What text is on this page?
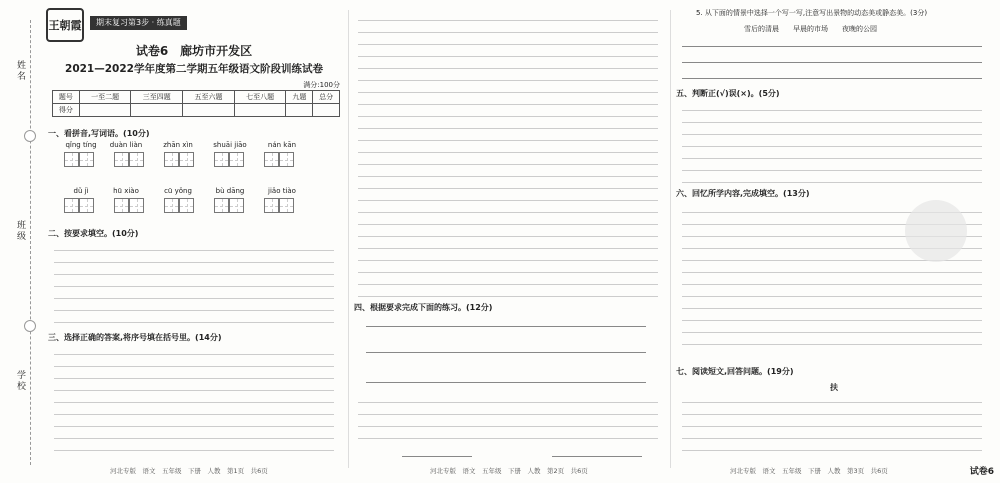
姓名
班级
学校
王朝霞	期末复习第3步 · 练真题
试卷6　廊坊市开发区
2021—2022学年度第二学期五年级语文阶段训练试卷
满分:100分
题号	一至二题	三至四题	五至六题	七至八题	九题	总分
得分						
一、看拼音,写词语。(10分)
qǐng tíng	duàn liàn	zhān xìn	shuāi jiāo	nán kān
dǔ jì	hū xiào	cū yǒng	bù dāng	jiǎo tiào
二、按要求填空。(10分)
三、选择正确的答案,将序号填在括号里。(14分)
四、根据要求完成下面的练习。(12分)
5. 从下面的情景中选择一个写一写,注意写出景物的动态美或静态美。(3分)
雪后的清晨　　早晨的市场　　夜晚的公园
五、判断正(√)误(×)。(5分)
六、回忆所学内容,完成填空。(13分)
七、阅读短文,回答问题。(19分)
扶
河北专版　语文　五年级　下册　人教　第1页　共6页	河北专版　语文　五年级　下册　人教　第2页　共6页	河北专版　语文　五年级　下册　人教　第3页　共6页	试卷6
